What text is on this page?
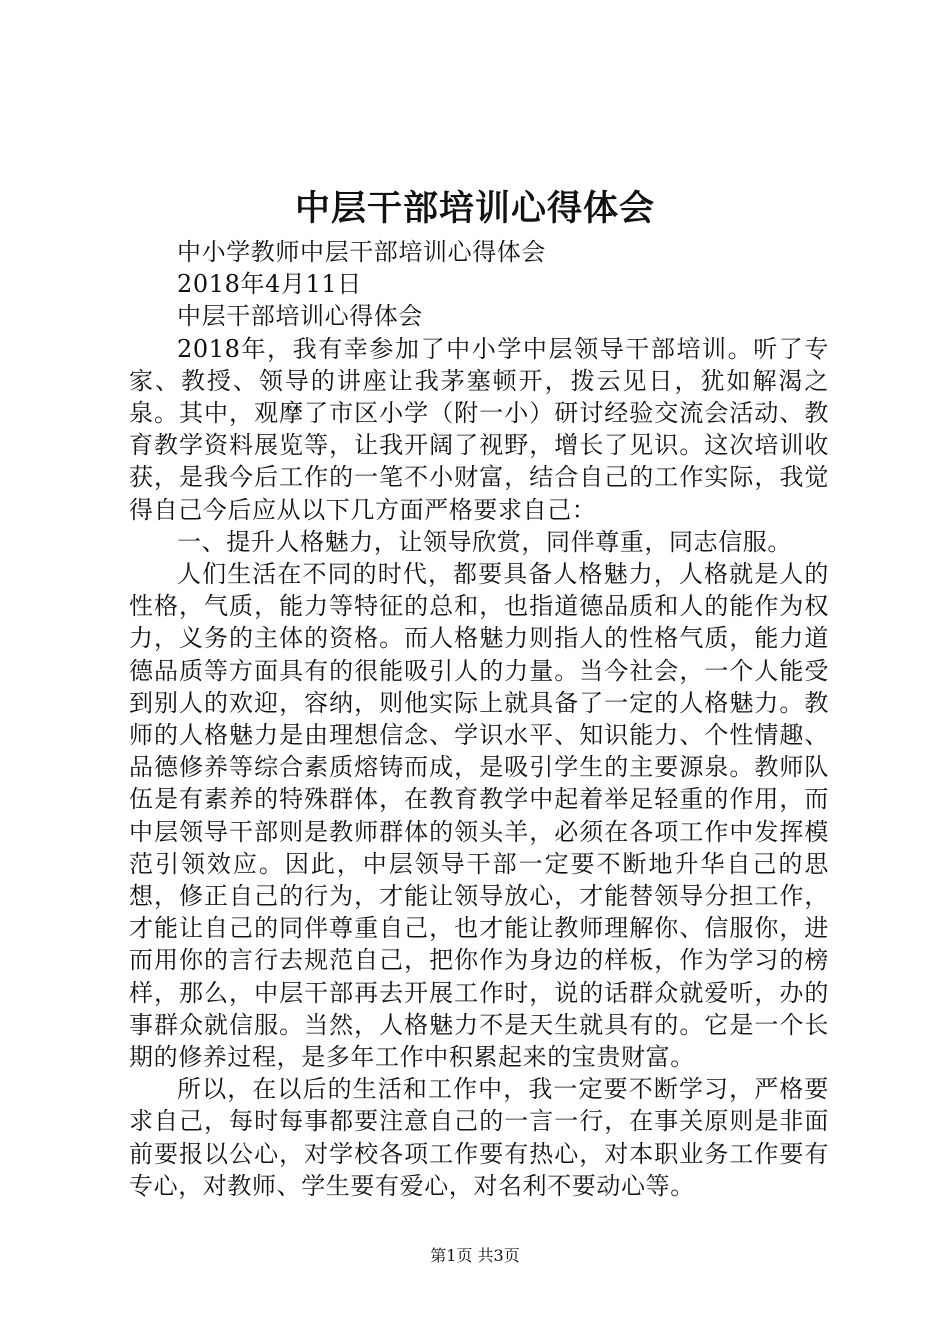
中层干部培训心得体会

中小学教师中层干部培训心得体会

2018年4月11日

中层干部培训心得体会

2018年，我有幸参加了中小学中层领导干部培训。听了专家、教授、领导的讲座让我茅塞顿开，拨云见日，犹如解渴之泉。其中，观摩了市区小学（附一小）研讨经验交流会活动、教育教学资料展览等，让我开阔了视野，增长了见识。这次培训收获，是我今后工作的一笔不小财富，结合自己的工作实际，我觉得自己今后应从以下几方面严格要求自己：

一、提升人格魅力，让领导欣赏，同伴尊重，同志信服。

人们生活在不同的时代，都要具备人格魅力，人格就是人的性格，气质，能力等特征的总和，也指道德品质和人的能作为权力，义务的主体的资格。而人格魅力则指人的性格气质，能力道德品质等方面具有的很能吸引人的力量。当今社会，一个人能受到别人的欢迎，容纳，则他实际上就具备了一定的人格魅力。教师的人格魅力是由理想信念、学识水平、知识能力、个性情趣、品德修养等综合素质熔铸而成，是吸引学生的主要源泉。教师队伍是有素养的特殊群体，在教育教学中起着举足轻重的作用，而中层领导干部则是教师群体的领头羊，必须在各项工作中发挥模范引领效应。因此，中层领导干部一定要不断地升华自己的思想，修正自己的行为，才能让领导放心，才能替领导分担工作，才能让自己的同伴尊重自己，也才能让教师理解你、信服你，进而用你的言行去规范自己，把你作为身边的样板，作为学习的榜样，那么，中层干部再去开展工作时，说的话群众就爱听，办的事群众就信服。当然，人格魅力不是天生就具有的。它是一个长期的修养过程，是多年工作中积累起来的宝贵财富。

所以，在以后的生活和工作中，我一定要不断学习，严格要求自己，每时每事都要注意自己的一言一行，在事关原则是非面前要报以公心，对学校各项工作要有热心，对本职业务工作要有专心，对教师、学生要有爱心，对名利不要动心等。

第1页 共3页
